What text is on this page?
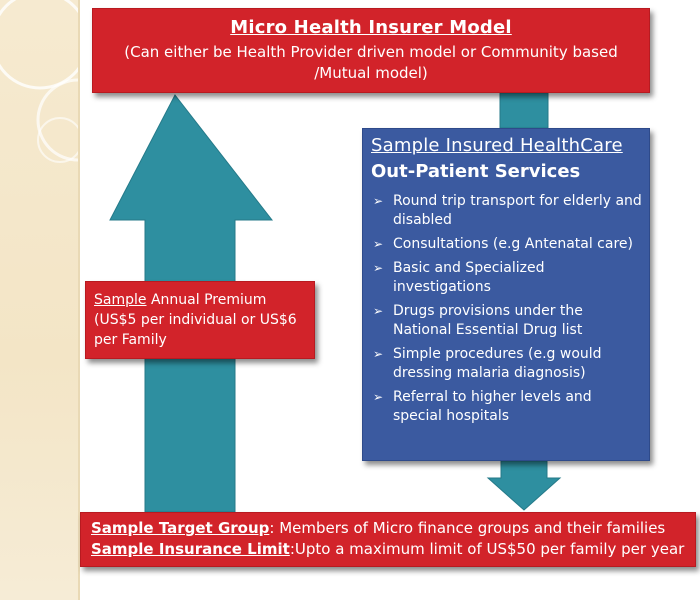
Micro Health Insurer Model
(Can either be Health Provider driven model or Community based /Mutual model)
Sample Annual Premium (US$5 per individual or US$6 per Family
Sample Insured HealthCare
Out-Patient Services
➢ Round trip transport for elderly and disabled
➢ Consultations (e.g Antenatal care)
➢ Basic and Specialized investigations
➢ Drugs provisions under the National Essential Drug list
➢ Simple procedures (e.g would dressing malaria diagnosis)
➢ Referral to higher levels and special hospitals
Sample Target Group: Members of Micro finance groups and their families
Sample Insurance Limit:Upto a maximum limit of US$50 per family per year
